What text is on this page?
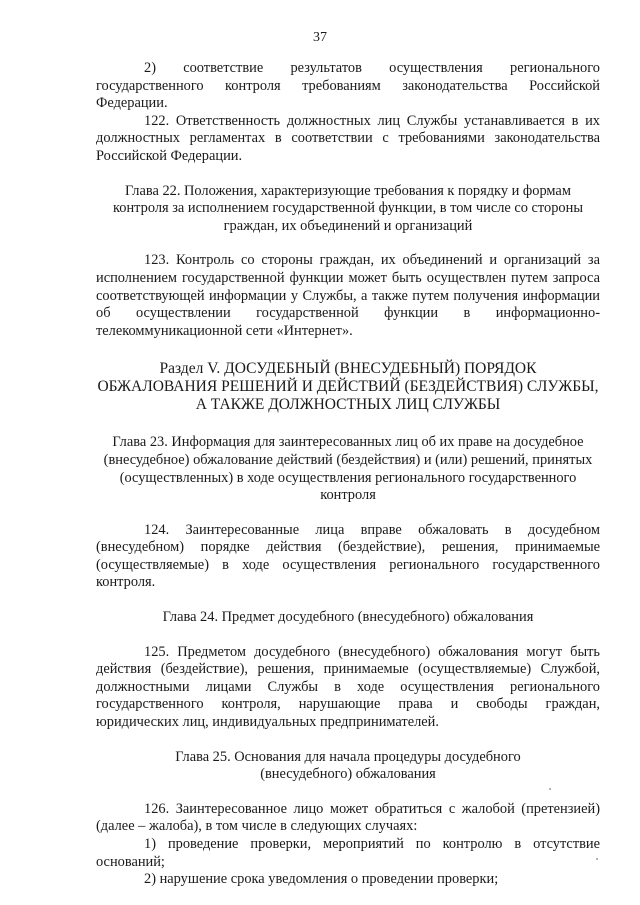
37

2) соответствие результатов осуществления регионального государственного контроля требованиям законодательства Российской Федерации.

122. Ответственность должностных лиц Службы устанавливается в их должностных регламентах в соответствии с требованиями законодательства Российской Федерации.

Глава 22. Положения, характеризующие требования к порядку и формам контроля за исполнением государственной функции, в том числе со стороны граждан, их объединений и организаций

123. Контроль со стороны граждан, их объединений и организаций за исполнением государственной функции может быть осуществлен путем запроса соответствующей информации у Службы, а также путем получения информации об осуществлении государственной функции в информационно-телекоммуникационной сети «Интернет».

Раздел V. ДОСУДЕБНЫЙ (ВНЕСУДЕБНЫЙ) ПОРЯДОК

ОБЖАЛОВАНИЯ РЕШЕНИЙ И ДЕЙСТВИЙ (БЕЗДЕЙСТВИЯ) СЛУЖБЫ,

А ТАКЖЕ ДОЛЖНОСТНЫХ ЛИЦ СЛУЖБЫ

Глава 23. Информация для заинтересованных лиц об их праве на досудебное (внесудебное) обжалование действий (бездействия) и (или) решений, принятых (осуществленных) в ходе осуществления регионального государственного контроля

124. Заинтересованные лица вправе обжаловать в досудебном (внесудебном) порядке действия (бездействие), решения, принимаемые (осуществляемые) в ходе осуществления регионального государственного контроля.

Глава 24. Предмет досудебного (внесудебного) обжалования

125. Предметом досудебного (внесудебного) обжалования могут быть действия (бездействие), решения, принимаемые (осуществляемые) Службой, должностными лицами Службы в ходе осуществления регионального государственного контроля, нарушающие права и свободы граждан, юридических лиц, индивидуальных предпринимателей.

Глава 25. Основания для начала процедуры досудебного (внесудебного) обжалования

126. Заинтересованное лицо может обратиться с жалобой (претензией) (далее – жалоба), в том числе в следующих случаях:

1) проведение проверки, мероприятий по контролю в отсутствие оснований;

2) нарушение срока уведомления о проведении проверки;
